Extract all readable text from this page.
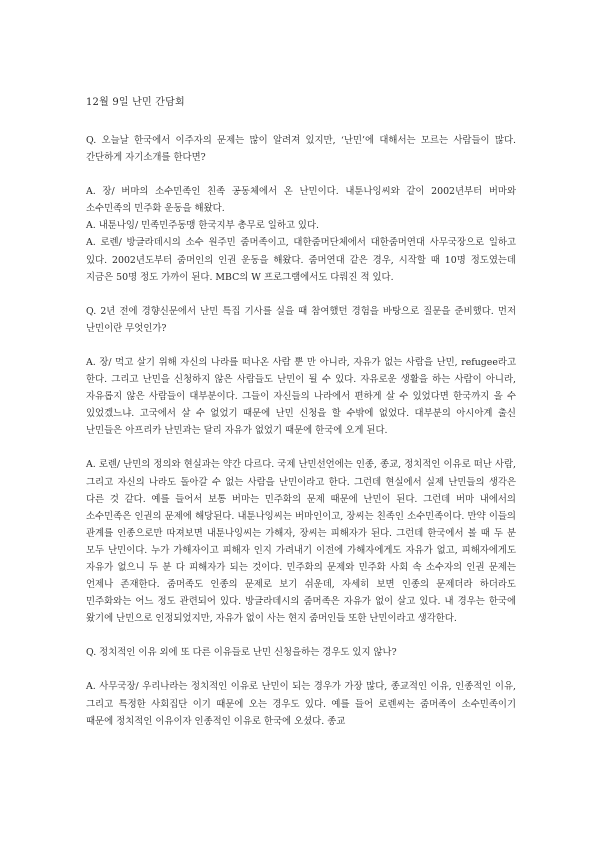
12월 9일 난민 간담회

Q. 오늘날 한국에서 이주자의 문제는 많이 알려져 있지만, ‘난민’에 대해서는 모르는 사람들이 많다. 간단하게 자기소개를 한다면?

A. 장/ 버마의 소수민족인 친족 공동체에서 온 난민이다. 내툰나잉씨와 같이 2002년부터 버마와 소수민족의 민주화 운동을 해왔다.

A. 내툰나잉/ 민족민주동맹 한국지부 총무로 일하고 있다.

A. 로렌/ 방글라데시의 소수 원주민 줌머족이고, 대한줌머단체에서 대한줌머연대 사무국장으로 일하고 있다. 2002년도부터 줌머인의 인권 운동을 해왔다. 줌머연대 같은 경우, 시작할 때 10명 정도였는데 지금은 50명 정도 가까이 된다. MBC의 W 프로그램에서도 다뤄진 적 있다.

Q. 2년 전에 경향신문에서 난민 특집 기사를 실을 때 참여했던 경험을 바탕으로 질문을 준비했다. 먼저 난민이란 무엇인가?

A. 장/ 먹고 살기 위해 자신의 나라를 떠나온 사람 뿐 만 아니라, 자유가 없는 사람을 난민, refugee라고 한다. 그리고 난민을 신청하지 않은 사람들도 난민이 될 수 있다. 자유로운 생활을 하는 사람이 아니라, 자유롭지 않은 사람들이 대부분이다. 그들이 자신들의 나라에서 편하게 살 수 있었다면 한국까지 올 수 있었겠느냐. 고국에서 살 수 없었기 때문에 난민 신청을 할 수밖에 없었다. 대부분의 아시아계 출신 난민들은 아프리카 난민과는 달리 자유가 없었기 때문에 한국에 오게 된다.

A. 로렌/ 난민의 정의와 현실과는 약간 다르다. 국제 난민선언에는 인종, 종교, 정치적인 이유로 떠난 사람, 그리고 자신의 나라도 돌아갈 수 없는 사람을 난민이라고 한다. 그런데 현실에서 실제 난민들의 생각은 다른 것 같다. 예를 들어서 보통 버마는 민주화의 문제 때문에 난민이 된다. 그런데 버마 내에서의 소수민족은 인권의 문제에 해당된다. 내툰나잉씨는 버마인이고, 장씨는 친족인 소수민족이다. 만약 이들의 관계를 인종으로만 따져보면 내툰나잉씨는 가해자, 장씨는 피해자가 된다. 그런데 한국에서 볼 때 두 분 모두 난민이다. 누가 가해자이고 피해자 인지 가려내기 이전에 가해자에게도 자유가 없고, 피해자에게도 자유가 없으니 두 분 다 피해자가 되는 것이다. 민주화의 문제와 민주화 사회 속 소수자의 인권 문제는 언제나 존재한다. 줌머족도 인종의 문제로 보기 쉬운데, 자세히 보면 인종의 문제더라 하더라도 민주화와는 어느 정도 관련되어 있다. 방글라데시의 줌머족은 자유가 없이 살고 있다. 내 경우는 한국에 왔기에 난민으로 인정되었지만, 자유가 없이 사는 현지 줌머인들 또한 난민이라고 생각한다.

Q. 정치적인 이유 외에 또 다른 이유들로 난민 신청을하는 경우도 있지 않나?

A. 사무국장/ 우리나라는 정치적인 이유로 난민이 되는 경우가 가장 많다, 종교적인 이유, 인종적인 이유, 그리고 특정한 사회집단 이기 때문에 오는 경우도 있다. 예를 들어 로렌씨는 줌머족이 소수민족이기 때문에 정치적인 이유이자 인종적인 이유로 한국에 오셨다. 종교
